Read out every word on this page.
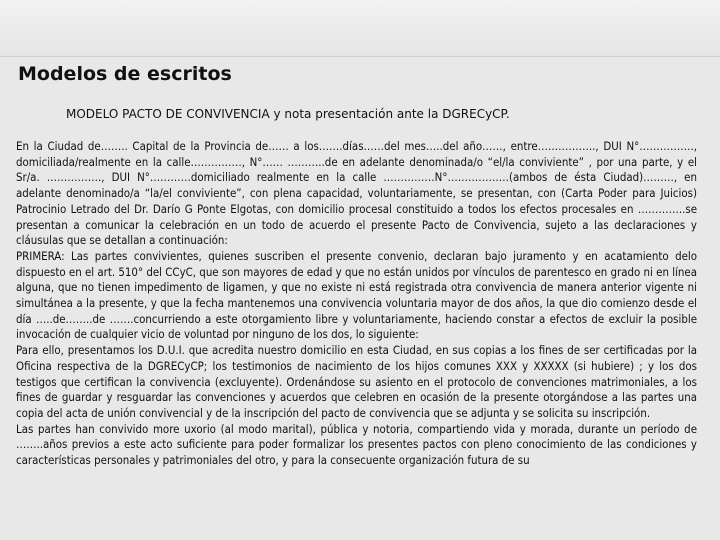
Modelos de escritos
MODELO PACTO DE CONVIVENCIA y nota presentación ante la DGRECyCP.

En la Ciudad de…….. Capital de la Provincia de…… a los…….días……del mes…..del año……, entre…………….., DUI N°……………., domiciliada/realmente en la calle……………, N°…… ………..de en adelante denominada/o “el/la conviviente” , por una parte, y el Sr/a. ……………., DUI N°…………domiciliado realmente en la calle ……………N°………………(ambos de ésta Ciudad)………, en adelante denominado/a “la/el conviviente”, con plena capacidad, voluntariamente, se presentan, con (Carta Poder para Juicios) Patrocinio Letrado del Dr. Darío G Ponte Elgotas, con domicilio procesal constituido a todos los efectos procesales en …………..se presentan a comunicar la celebración en un todo de acuerdo el presente Pacto de Convivencia, sujeto a las declaraciones y cláusulas que se detallan a continuación:

PRIMERA: Las partes convivientes, quienes suscriben el presente convenio, declaran bajo juramento y en acatamiento delo dispuesto en el art. 510° del CCyC, que son mayores de edad y que no están unidos por vínculos de parentesco en grado ni en línea alguna, que no tienen impedimento de ligamen, y que no existe ni está registrada otra convivencia de manera anterior vigente ni simultánea a la presente, y que la fecha mantenemos una convivencia voluntaria mayor de dos años, la que dio comienzo desde el día …..de……..de …….concurriendo a este otorgamiento libre y voluntariamente, haciendo constar a efectos de excluir la posible invocación de cualquier vicio de voluntad por ninguno de los dos, lo siguiente:

Para ello, presentamos los D.U.I. que acredita nuestro domicilio en esta Ciudad, en sus copias a los fines de ser certificadas por la Oficina respectiva de la DGRECyCP; los testimonios de nacimiento de los hijos comunes XXX y XXXXX (si hubiere) ; y los dos testigos que certifican la convivencia (excluyente). Ordenándose su asiento en el protocolo de convenciones matrimoniales, a los fines de guardar y resguardar las convenciones y acuerdos que celebren en ocasión de la presente otorgándose a las partes una copia del acta de unión convivencial y de la inscripción del pacto de convivencia que se adjunta y se solicita su inscripción.

Las partes han convivido more uxorio (al modo marital), pública y notoria, compartiendo vida y morada, durante un período de ……..años previos a este acto suficiente para poder formalizar los presentes pactos con pleno conocimiento de las condiciones y características personales y patrimoniales del otro, y para la consecuente organización futura de su
